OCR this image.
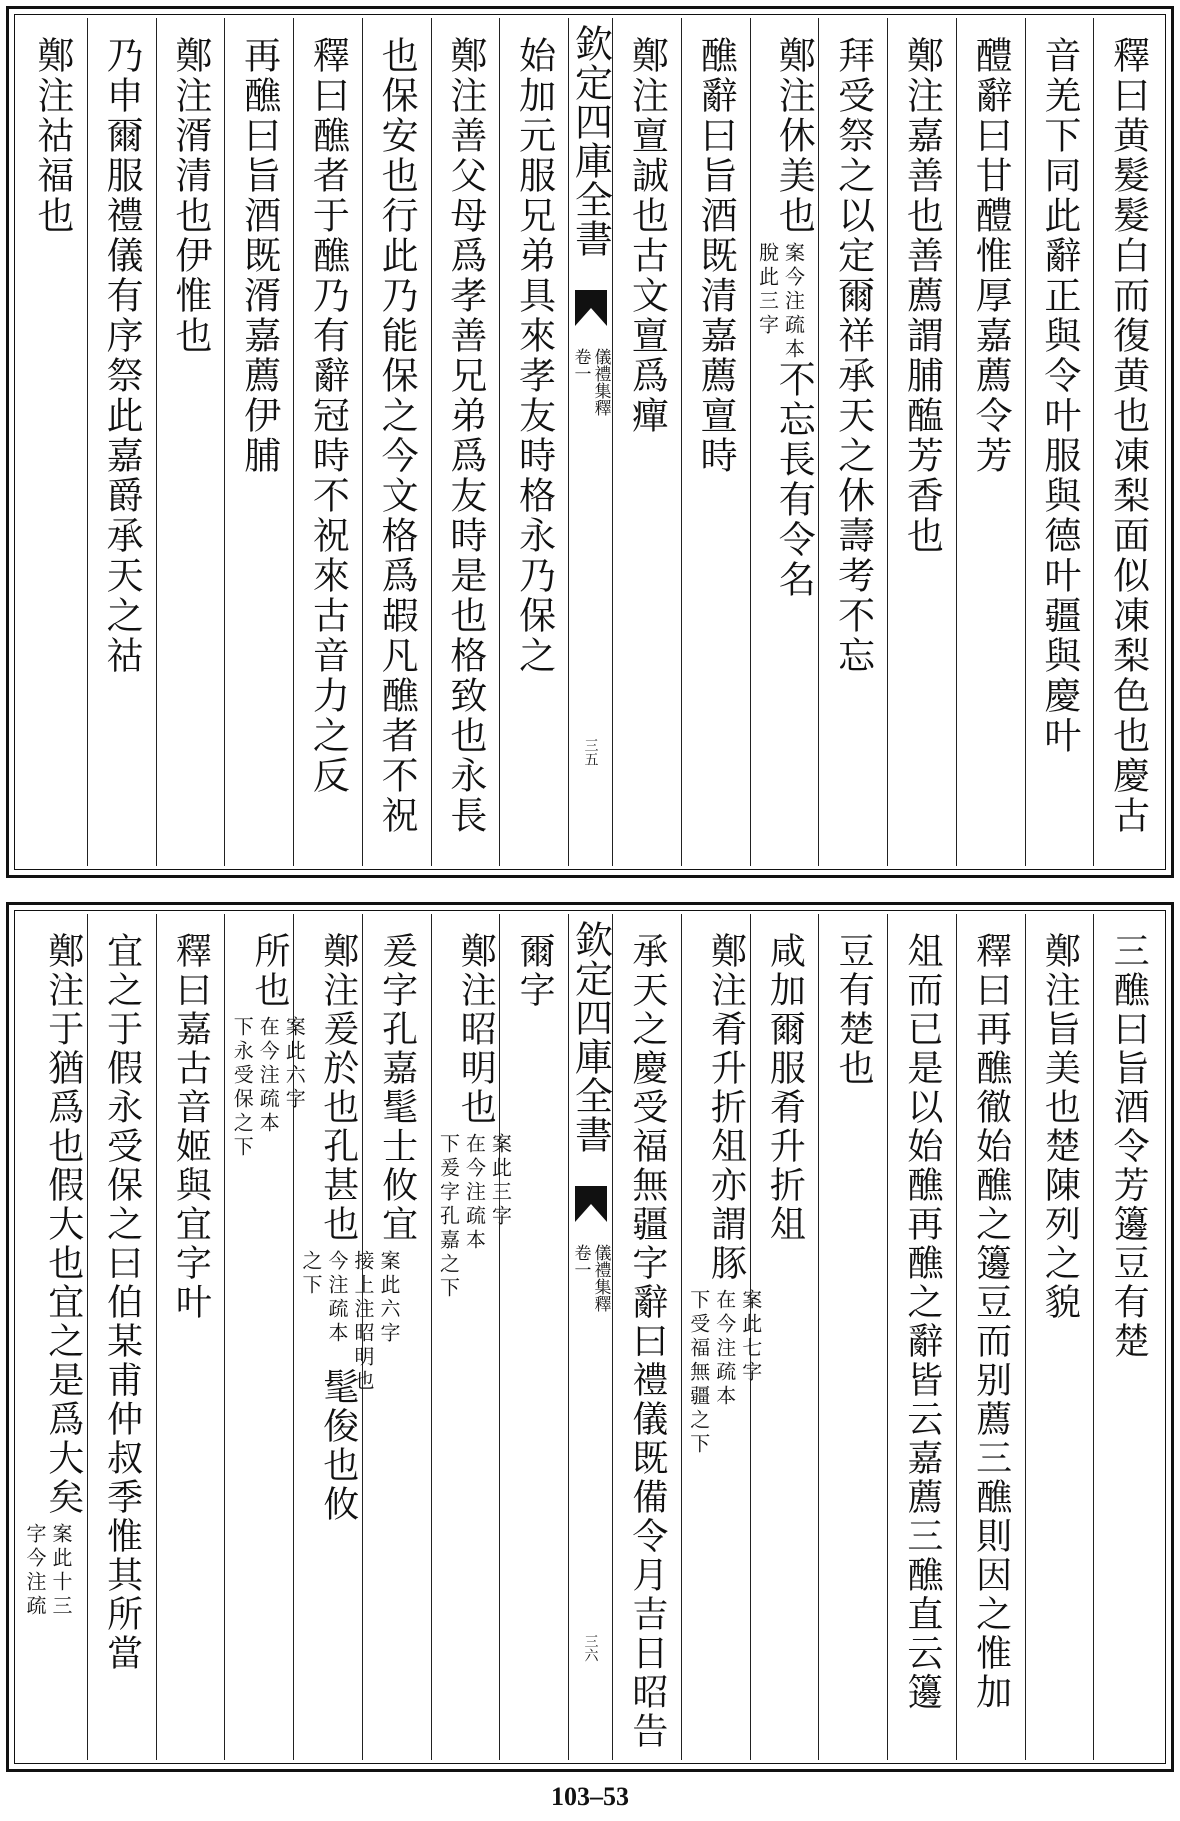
釋曰黄髮髮白而復黄也凍梨面似凍梨色也慶古
音羌下同此辭正與令叶服與德叶疆與慶叶
醴辭曰甘醴惟厚嘉薦令芳
鄭注嘉善也善薦謂脯醢芳香也
拜受祭之以定爾祥承天之休壽考不忘
鄭注休美也
案今注疏本
脫此三字
不忘長有令名
醮辭曰旨酒既清嘉薦亶時
鄭注亶誠也古文亶爲癉
欽定四庫全書
儀禮集釋
卷一
三五
始加元服兄弟具來孝友時格永乃保之
鄭注善父母爲孝善兄弟爲友時是也格致也永長
也保安也行此乃能保之今文格爲嘏凡醮者不祝
釋曰醮者于醮乃有辭冠時不祝來古音力之反
再醮曰旨酒既湑嘉薦伊脯
鄭注湑清也伊惟也
乃申爾服禮儀有序祭此嘉爵承天之祜
鄭注祜福也
三醮曰旨酒令芳籩豆有楚
鄭注旨美也楚陳列之貌
釋曰再醮徹始醮之籩豆而别薦三醮則因之惟加
俎而已是以始醮再醮之辭皆云嘉薦三醮直云籩
豆有楚也
咸加爾服肴升折俎
鄭注肴升折俎亦謂豚
案此七字
在今注疏本
下受福無疆之下
承天之慶受福無疆字辭曰禮儀既備令月吉日昭告
欽定四庫全書
儀禮集釋
卷一
三六
爾字
鄭注昭明也
案此三字
在今注疏本
下爰字孔嘉之下
爰字孔嘉髦士攸宜
鄭注爰於也孔甚也
案此六字
接上注昭明也
今注疏本
之下
髦俊也攸
所也
案此六字
在今注疏本
下永受保之下
釋曰嘉古音姬與宜字叶
宜之于假永受保之曰伯某甫仲叔季惟其所當
鄭注于猶爲也假大也宜之是爲大矣
案此十三
字今注疏
103–53
